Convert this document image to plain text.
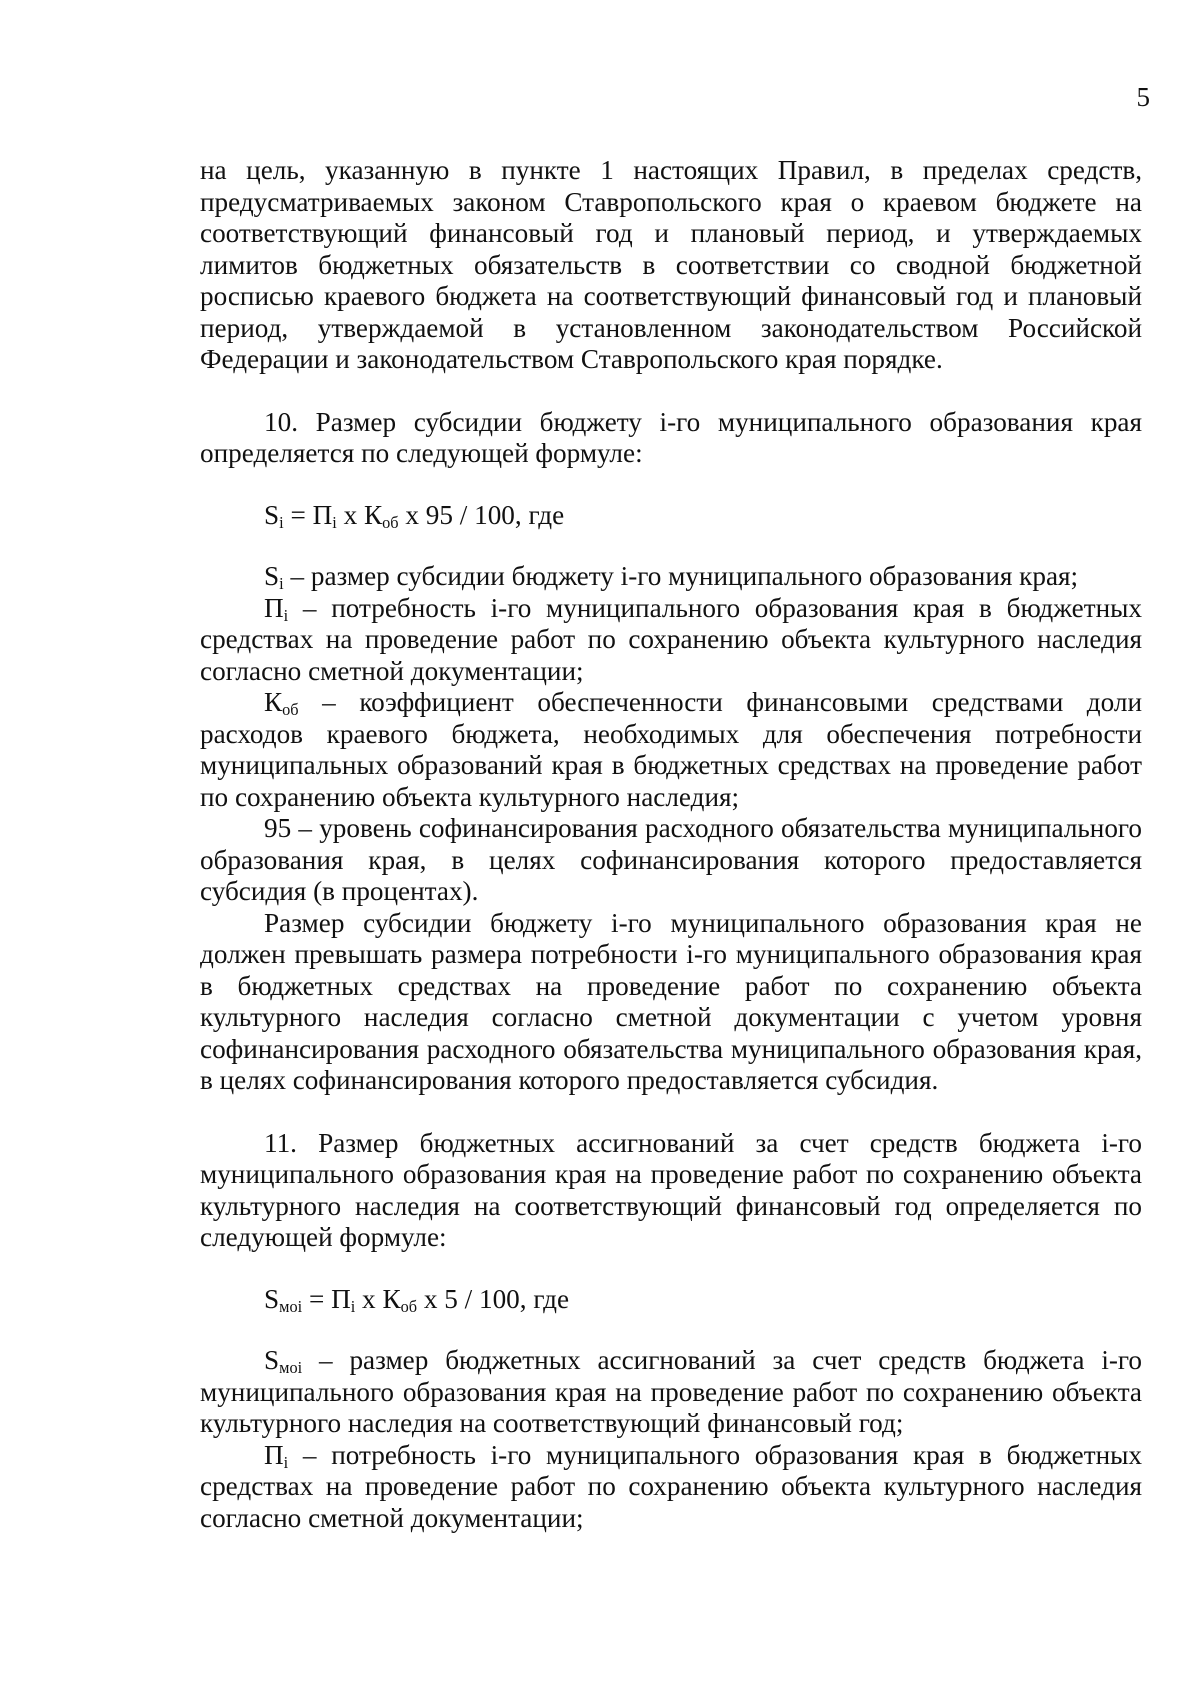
5

на цель, указанную в пункте 1 настоящих Правил, в пределах средств, предусматриваемых законом Ставропольского края о краевом бюджете на соответствующий финансовый год и плановый период, и утверждаемых лимитов бюджетных обязательств в соответствии со сводной бюджетной росписью краевого бюджета на соответствующий финансовый год и плановый период, утверждаемой в установленном законодательством Российской Федерации и законодательством Ставропольского края порядке.

10. Размер субсидии бюджету i-го муниципального образования края определяется по следующей формуле:

$S_i = П_i$ х $К_{об}$ х 95 / 100, где

$S_i$ – размер субсидии бюджету i-го муниципального образования края;

$П_i$ – потребность i-го муниципального образования края в бюджетных средствах на проведение работ по сохранению объекта культурного наследия согласно сметной документации;

$К_{об}$ – коэффициент обеспеченности финансовыми средствами доли расходов краевого бюджета, необходимых для обеспечения потребности муниципальных образований края в бюджетных средствах на проведение работ по сохранению объекта культурного наследия;

95 – уровень софинансирования расходного обязательства муниципального образования края, в целях софинансирования которого предоставляется субсидия (в процентах).

Размер субсидии бюджету i-го муниципального образования края не должен превышать размера потребности i-го муниципального образования края в бюджетных средствах на проведение работ по сохранению объекта культурного наследия согласно сметной документации с учетом уровня софинансирования расходного обязательства муниципального образования края, в целях софинансирования которого предоставляется субсидия.

11. Размер бюджетных ассигнований за счет средств бюджета i-го муниципального образования края на проведение работ по сохранению объекта культурного наследия на соответствующий финансовый год определяется по следующей формуле:

$S_{моi} = П_i$ х $К_{об}$ х 5 / 100, где

$S_{моi}$ – размер бюджетных ассигнований за счет средств бюджета i-го муниципального образования края на проведение работ по сохранению объекта культурного наследия на соответствующий финансовый год;

$П_i$ – потребность i-го муниципального образования края в бюджетных средствах на проведение работ по сохранению объекта культурного наследия согласно сметной документации;
